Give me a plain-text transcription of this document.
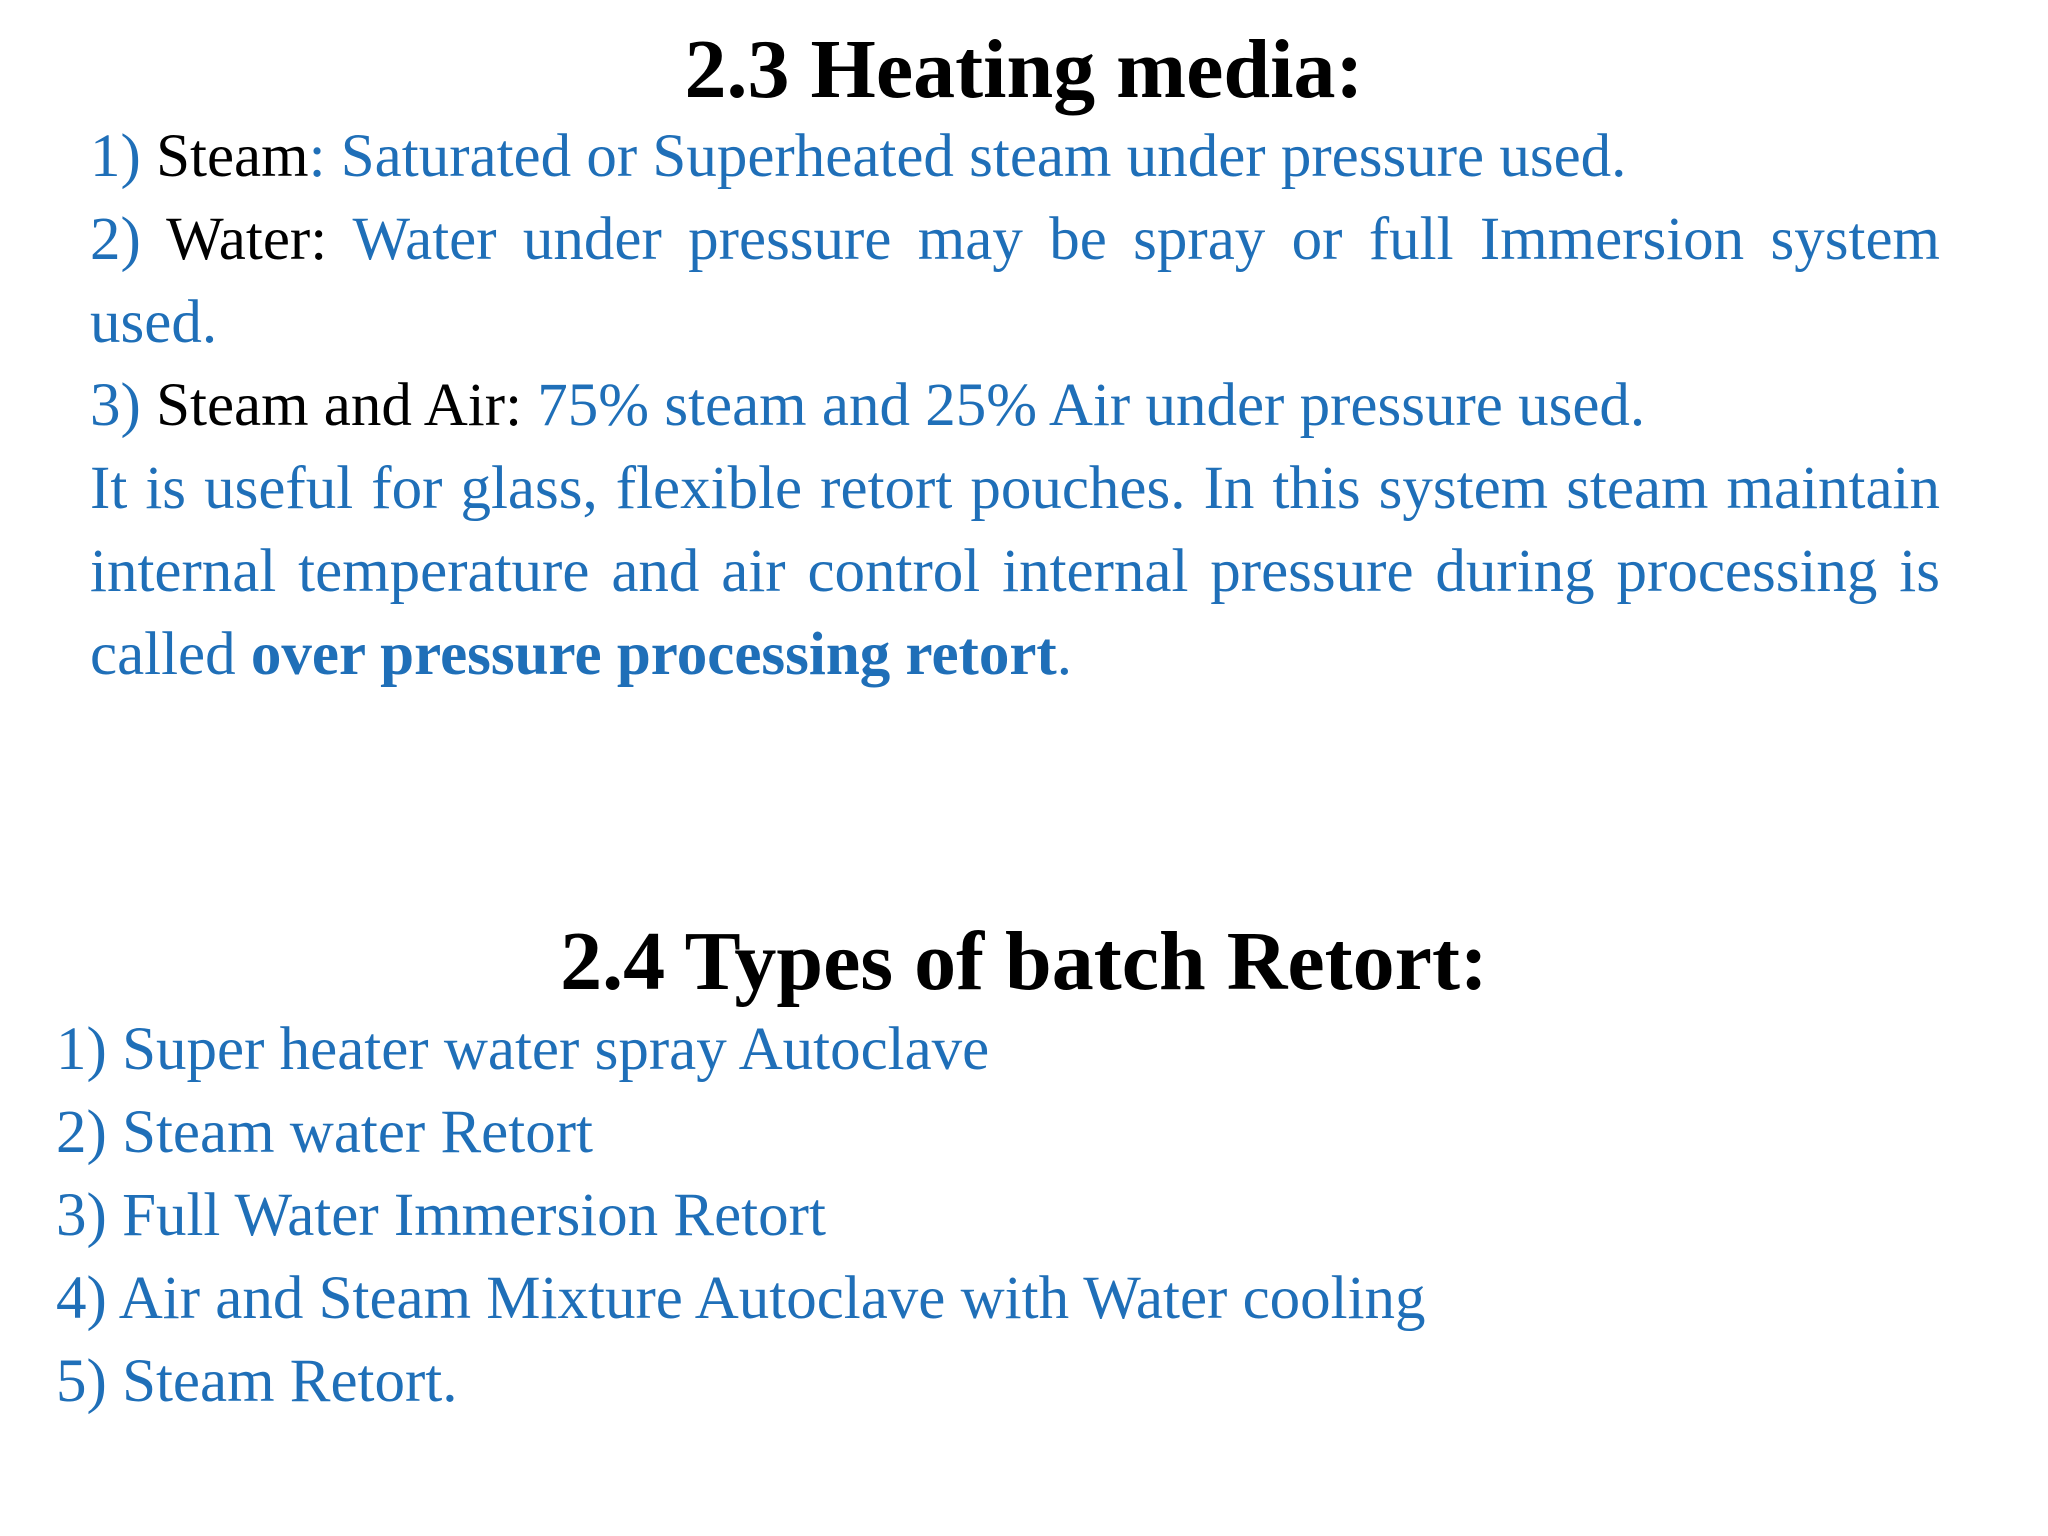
2.3 Heating media:

1) Steam: Saturated or Superheated steam under pressure used.

2) Water: Water under pressure may be spray or full Immersion system used.

3) Steam and Air: 75% steam and 25% Air under pressure used.

It is useful for glass, flexible retort pouches. In this system steam maintain internal temperature and air control internal pressure during processing is called over pressure processing retort.

2.4 Types of batch Retort:
1) Super heater water spray Autoclave
2) Steam water Retort
3) Full Water Immersion Retort
4) Air and Steam Mixture Autoclave with Water cooling
5) Steam Retort.
